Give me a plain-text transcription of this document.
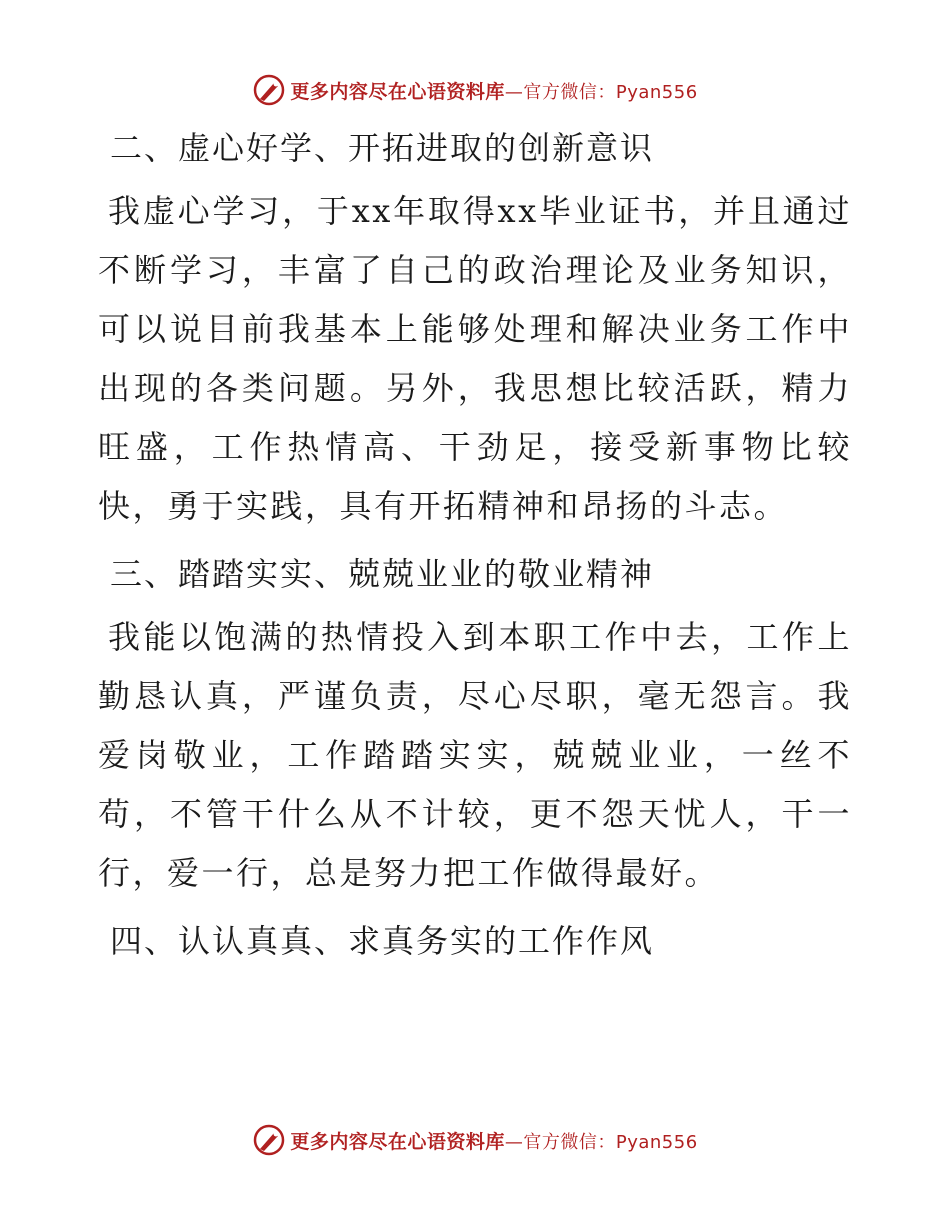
更多内容尽在心语资料库—官方微信：Pyan556
二、虚心好学、开拓进取的创新意识

我虚心学习，于xx年取得xx毕业证书，并且通过不断学习，丰富了自己的政治理论及业务知识，可以说目前我基本上能够处理和解决业务工作中出现的各类问题。另外，我思想比较活跃，精力旺盛，工作热情高、干劲足，接受新事物比较快，勇于实践，具有开拓精神和昂扬的斗志。

三、踏踏实实、兢兢业业的敬业精神

我能以饱满的热情投入到本职工作中去，工作上勤恳认真，严谨负责，尽心尽职，毫无怨言。我爱岗敬业，工作踏踏实实，兢兢业业，一丝不苟，不管干什么从不计较，更不怨天忧人，干一行，爱一行，总是努力把工作做得最好。

四、认认真真、求真务实的工作作风
更多内容尽在心语资料库—官方微信：Pyan556
